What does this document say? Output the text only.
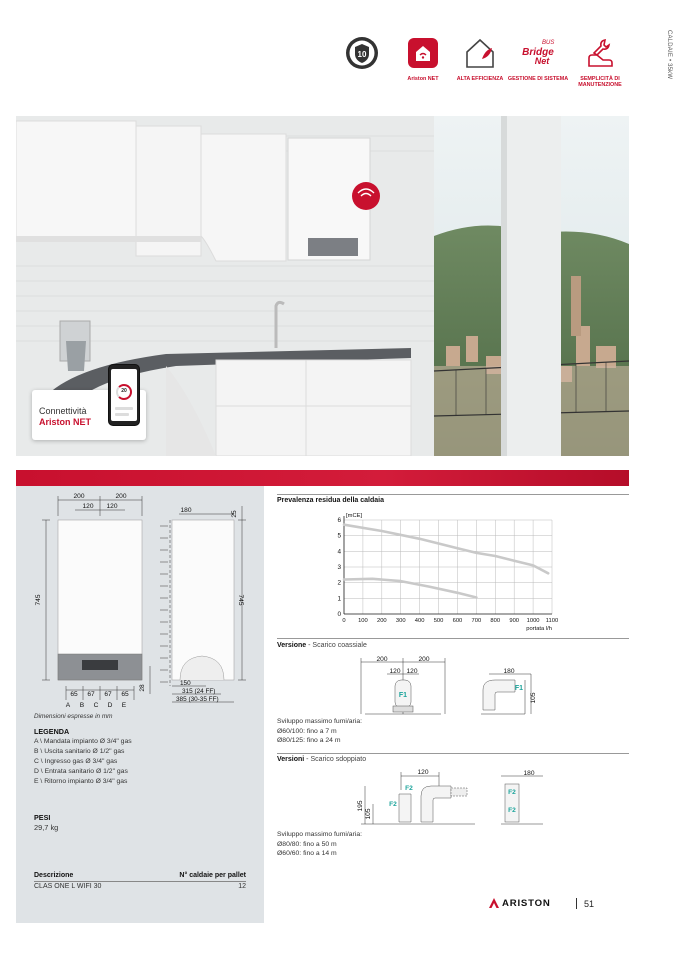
CALDAIE • 35kW
10
Ariston NET	ALTA EFFICIENZA
BUS
Bridge
Net
GESTIONE DI SISTEMA	SEMPLICITÀ DI MANUTENZIONE
Connettività
Ariston NET
20
200	200
120 120
745
28
65 67 67 65
A B C D E
180	25
745
150
315 (24 FF)
385 (30-35 FF)
Dimensioni espresse in mm
LEGENDA
A \ Mandata impianto Ø 3/4" gas
B \ Uscita sanitario Ø 1/2" gas
C \ Ingresso gas Ø 3/4" gas
D \ Entrata sanitario Ø 1/2" gas
E \ Ritorno impianto Ø 3/4" gas
PESI
29,7 kg
Descrizione	N° caldaie per pallet
CLAS ONE L WIFI 30	12
Prevalenza residua della caldaia
0
1
2
3
4
5
6
0 100 200 300 400 500 600 700 800 900 1000 1100
[mCE]
portata l/h
Versione - Scarico coassiale
200	200
120 120	180
105
F1
F1
Sviluppo massimo fumi/aria:
Ø60/100: fino a 7 m
Ø80/125: fino a 24 m
Versioni - Scarico sdoppiato
120	180
195
105
F2
F2
F2
F2
Sviluppo massimo fumi/aria:
Ø80/80: fino a 50 m
Ø60/60: fino a 14 m
ARISTON	51
